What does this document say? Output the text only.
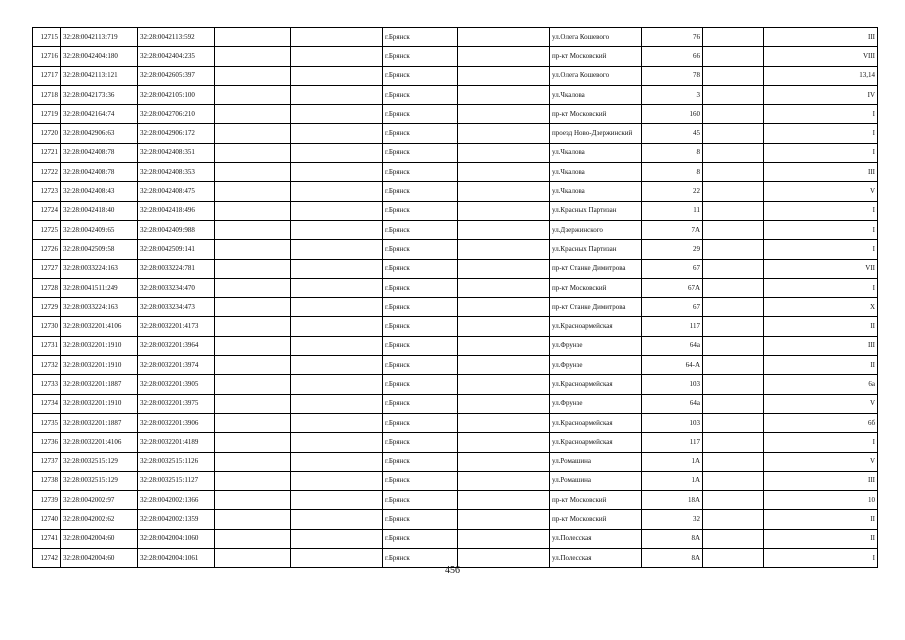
12715	32:28:0042113:719	32:28:0042113:592			г.Брянск		ул.Олега Кошевого	76		III
12716	32:28:0042404:180	32:28:0042404:235			г.Брянск		пр-кт Московский	66		VIII
12717	32:28:0042113:121	32:28:0042605:397			г.Брянск		ул.Олега Кошевого	78		13,14
12718	32:28:0042173:36	32:28:0042105:100			г.Брянск		ул.Чкалова	3		IV
12719	32:28:0042164:74	32:28:0042706:210			г.Брянск		пр-кт Московский	160		I
12720	32:28:0042906:63	32:28:0042906:172			г.Брянск		проезд Ново-Дзержинский	45		I
12721	32:28:0042408:78	32:28:0042408:351			г.Брянск		ул.Чкалова	8		I
12722	32:28:0042408:78	32:28:0042408:353			г.Брянск		ул.Чкалова	8		III
12723	32:28:0042408:43	32:28:0042408:475			г.Брянск		ул.Чкалова	22		V
12724	32:28:0042418:40	32:28:0042418:496			г.Брянск		ул.Красных Партизан	11		I
12725	32:28:0042409:65	32:28:0042409:988			г.Брянск		ул.Дзержинского	7А		I
12726	32:28:0042509:58	32:28:0042509:141			г.Брянск		ул.Красных Партизан	29		I
12727	32:28:0033224:163	32:28:0033224:781			г.Брянск		пр-кт Станке Димитрова	67		VII
12728	32:28:0041511:249	32:28:0033234:470			г.Брянск		пр-кт Московский	67А		I
12729	32:28:0033224:163	32:28:0033234:473			г.Брянск		пр-кт Станке Димитрова	67		X
12730	32:28:0032201:4106	32:28:0032201:4173			г.Брянск		ул.Красноармейская	117		II
12731	32:28:0032201:1910	32:28:0032201:3964			г.Брянск		ул.Фрунзе	64а		III
12732	32:28:0032201:1910	32:28:0032201:3974			г.Брянск		ул.Фрунзе	64-А		II
12733	32:28:0032201:1887	32:28:0032201:3905			г.Брянск		ул.Красноармейская	103		6а
12734	32:28:0032201:1910	32:28:0032201:3975			г.Брянск		ул.Фрунзе	64а		V
12735	32:28:0032201:1887	32:28:0032201:3906			г.Брянск		ул.Красноармейская	103		6б
12736	32:28:0032201:4106	32:28:0032201:4189			г.Брянск		ул.Красноармейская	117		I
12737	32:28:0032515:129	32:28:0032515:1126			г.Брянск		ул.Ромашина	1А		V
12738	32:28:0032515:129	32:28:0032515:1127			г.Брянск		ул.Ромашина	1А		III
12739	32:28:0042002:97	32:28:0042002:1366			г.Брянск		пр-кт Московский	18А		10
12740	32:28:0042002:62	32:28:0042002:1359			г.Брянск		пр-кт Московский	32		II
12741	32:28:0042004:60	32:28:0042004:1060			г.Брянск		ул.Полесская	8А		II
12742	32:28:0042004:60	32:28:0042004:1061			г.Брянск		ул.Полесская	8А		I
456
